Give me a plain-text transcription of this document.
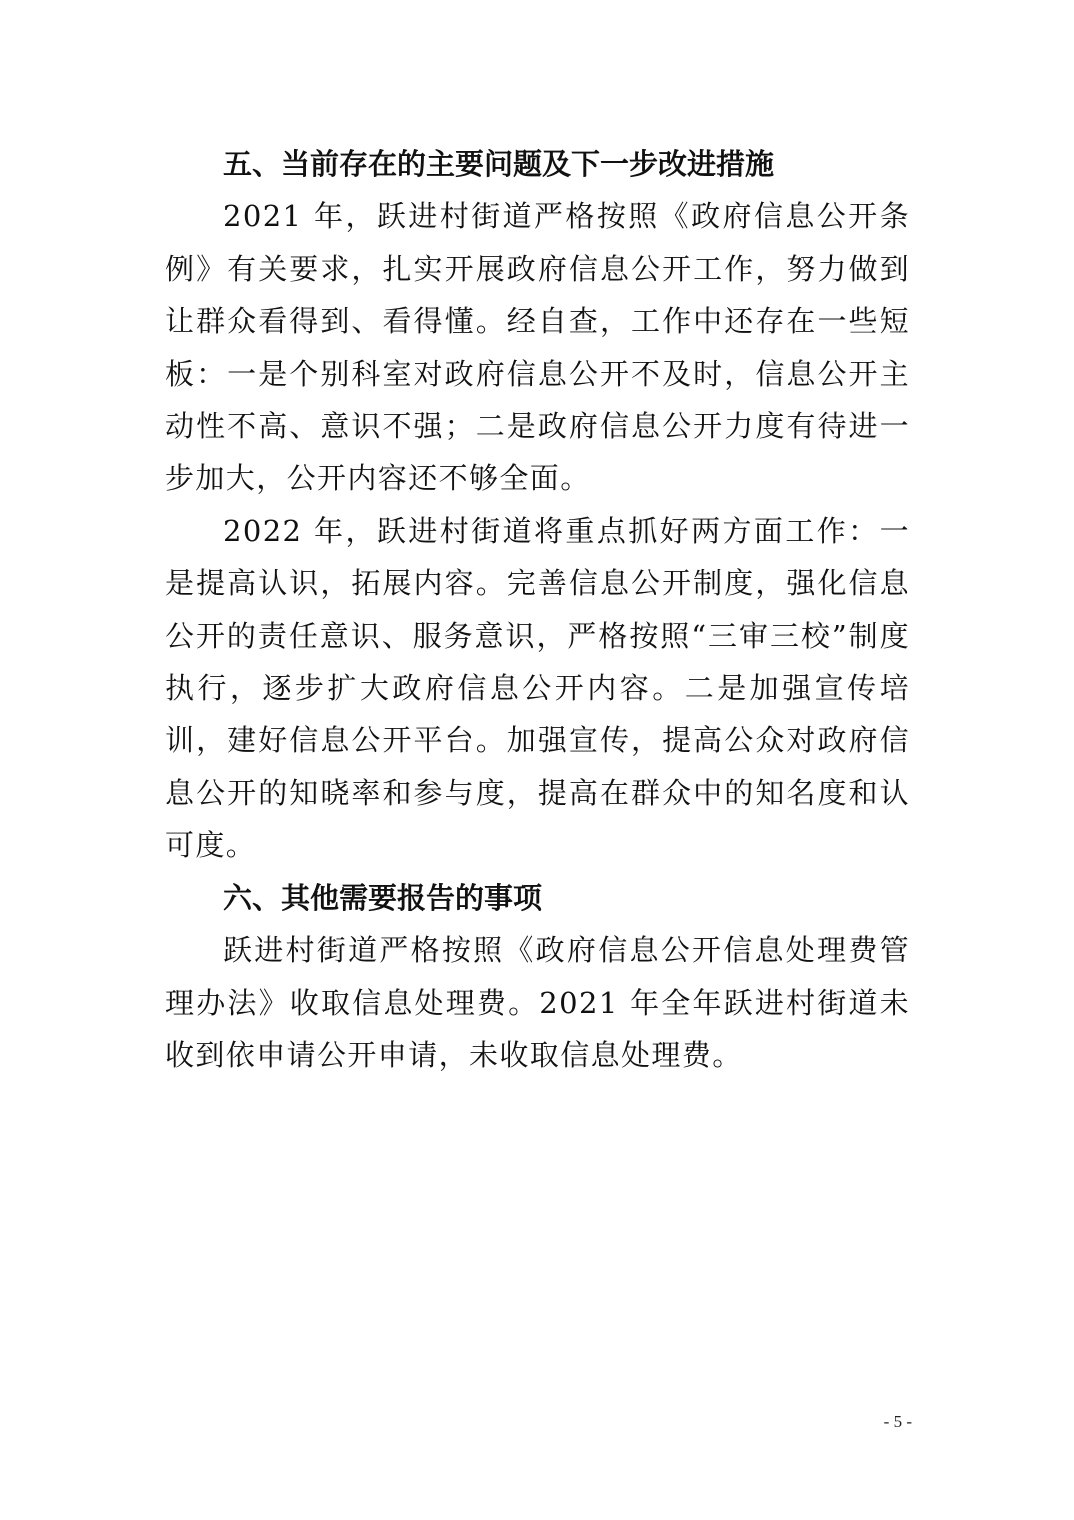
五、当前存在的主要问题及下一步改进措施

2021 年，跃进村街道严格按照《政府信息公开条例》有关要求，扎实开展政府信息公开工作，努力做到让群众看得到、看得懂。经自查，工作中还存在一些短板：一是个别科室对政府信息公开不及时，信息公开主动性不高、意识不强；二是政府信息公开力度有待进一步加大，公开内容还不够全面。

2022 年，跃进村街道将重点抓好两方面工作：一是提高认识，拓展内容。完善信息公开制度，强化信息公开的责任意识、服务意识，严格按照“三审三校”制度执行，逐步扩大政府信息公开内容。二是加强宣传培训，建好信息公开平台。加强宣传，提高公众对政府信息公开的知晓率和参与度，提高在群众中的知名度和认可度。

六、其他需要报告的事项

跃进村街道严格按照《政府信息公开信息处理费管理办法》收取信息处理费。2021 年全年跃进村街道未收到依申请公开申请，未收取信息处理费。

- 5 -
